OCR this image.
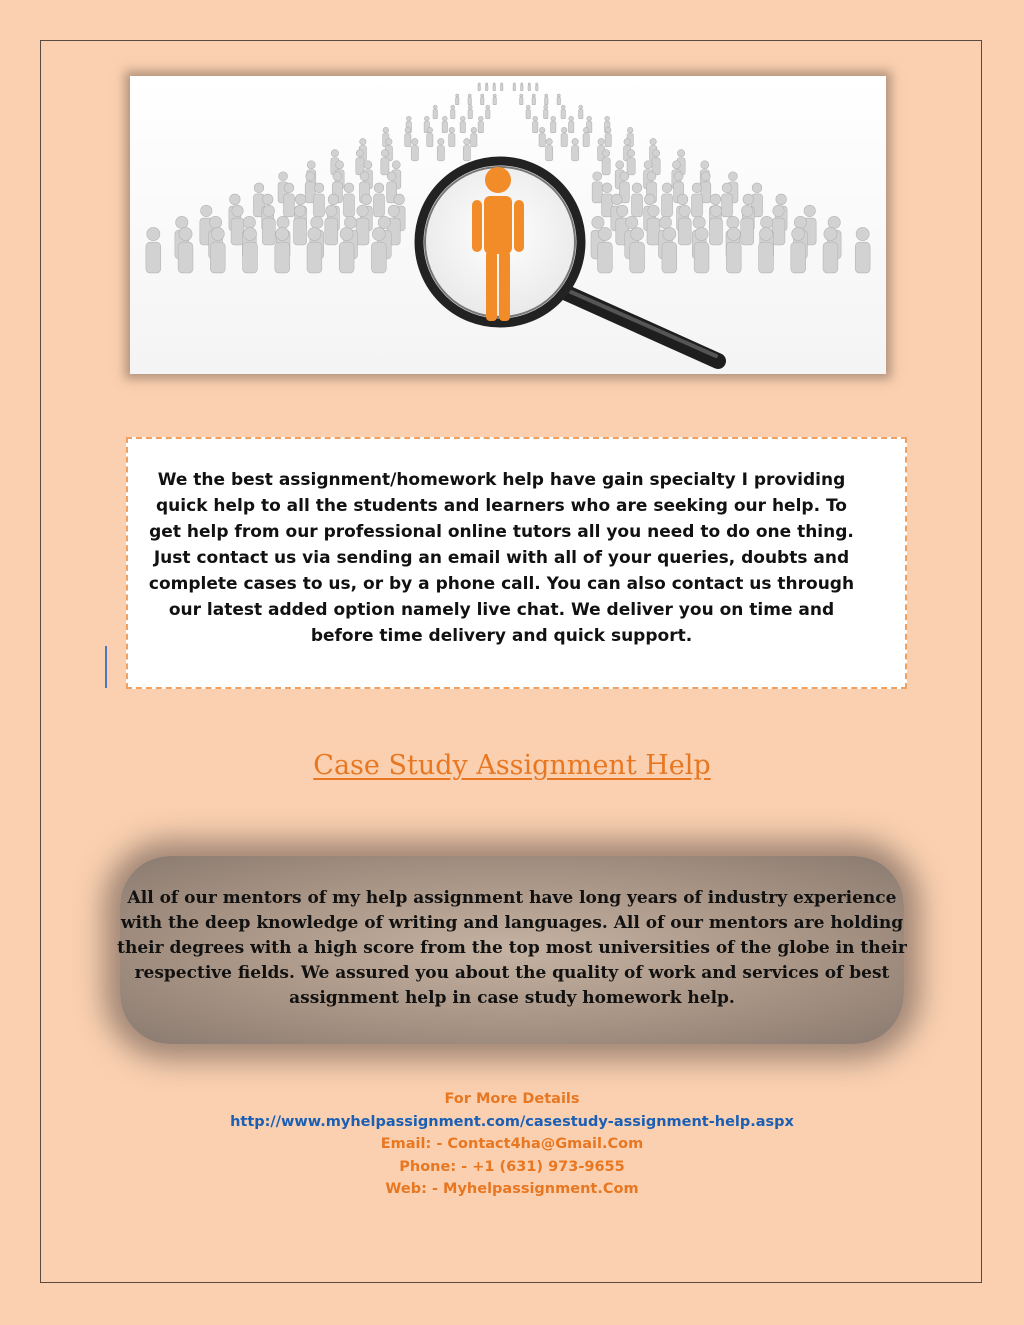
We the best assignment/homework help have gain specialty I providing
quick help to all the students and learners who are seeking our help. To
get help from our professional online tutors all you need to do one thing.
Just contact us via sending an email with all of your queries, doubts and
complete cases to us, or by a phone call. You can also contact us through
our latest added option namely live chat. We deliver you on time and
before time delivery and quick support.

Case Study Assignment Help

All of our mentors of my help assignment have long years of industry experience
with the deep knowledge of writing and languages. All of our mentors are holding
their degrees with a high score from the top most universities of the globe in their
respective fields. We assured you about the quality of work and services of best
assignment help in case study homework help.

For More Details
http://www.myhelpassignment.com/casestudy-assignment-help.aspx
Email: - Contact4ha@Gmail.Com
Phone: - +1 (631) 973-9655
Web: - Myhelpassignment.Com
